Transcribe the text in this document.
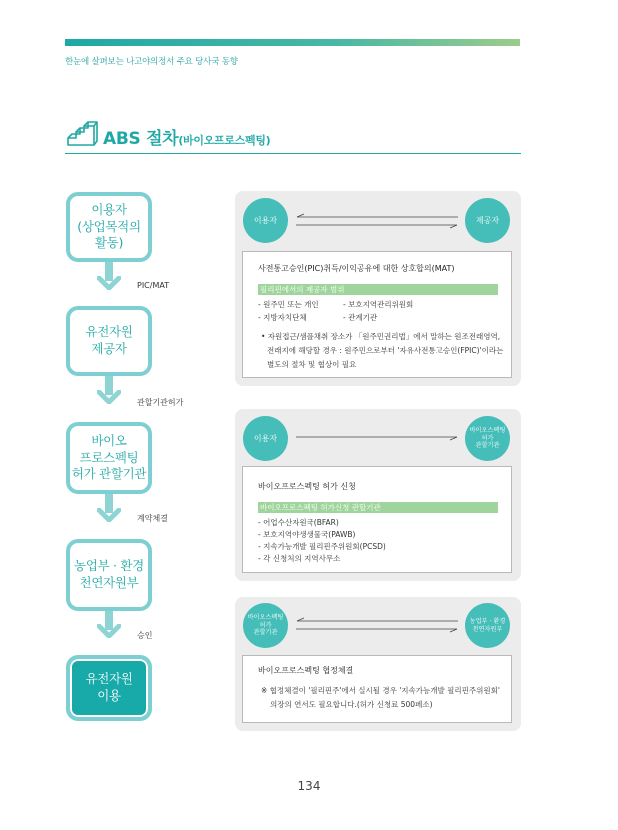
한눈에 살펴보는 나고야의정서 주요 당사국 동향
ABS 절차(바이오프로스펙팅)
이용자
(상업목적의
활동)
PIC/MAT
유전자원
제공자
관할기관허가
바이오
프로스펙팅
허가 관할기관
계약체결
농업부 · 환경
천연자원부
승인
유전자원
이용
이용자	제공자
사전통고승인(PIC)취득/이익공유에 대한 상호합의(MAT)
필리핀에서의 제공자 범위
- 원주민 또는 개인
- 지방자치단체
- 보호지역관리위원회
- 관계기관
• 자원접근/샘플채취 장소가 「원주민권리법」에서 말하는 원조전래영역,
전래지에 해당할 경우 : 원주민으로부터 '자유사전통고승인(FPIC)'이라는
별도의 절차 및 협상이 필요
이용자
바이오스펙팅
허가
관할기관
바이오프로스펙팅 허가 신청
바이오프로스펙팅 허가신청 관할기관
- 어업수산자원국(BFAR)
- 보호지역야생생물국(PAWB)
- 지속가능개발 필리핀주위원회(PCSD)
- 각 신청처의 지역사무소
바이오스펙팅
허가
관할기관
농업부 · 환경
천연자원부
바이오프로스펙팅 협정체결
※ 협정체결이 '필리핀주'에서 실시될 경우 '지속가능개발 필리핀주위원회'
의장의 연서도 필요합니다.(허가 신청료 500페소)
134
